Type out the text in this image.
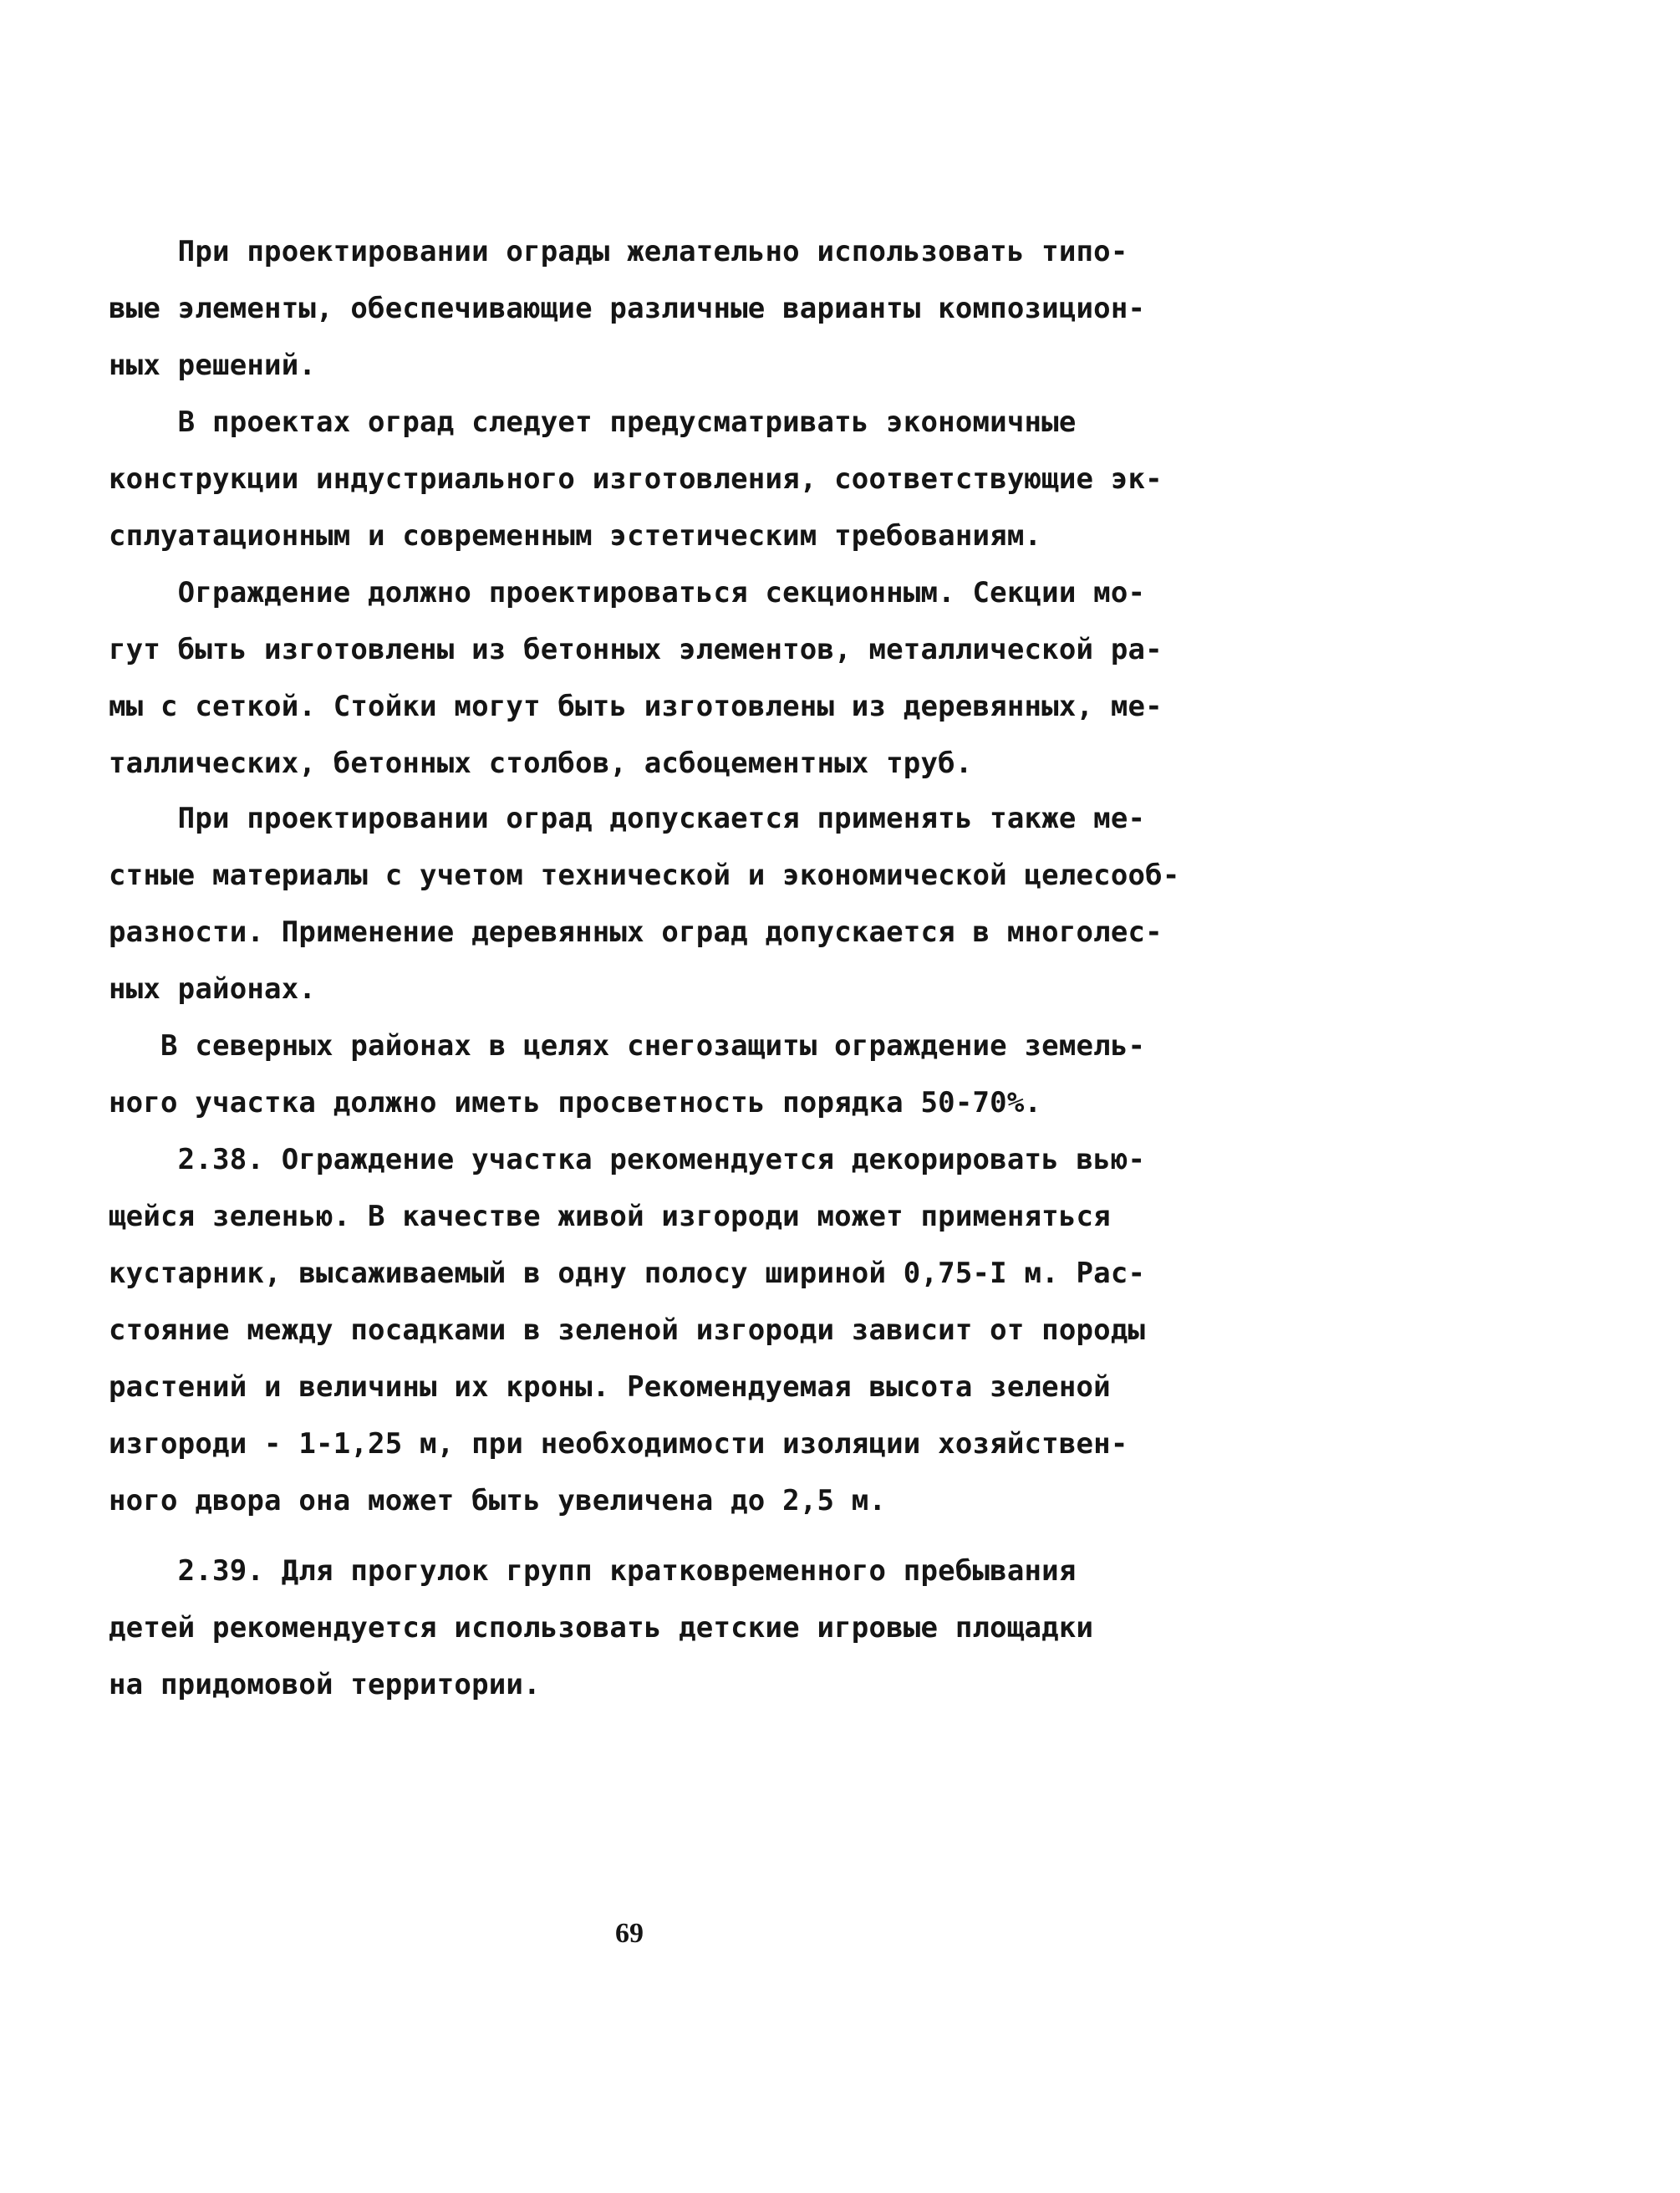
При проектировании ограды желательно использовать типо-
вые элементы, обеспечивающие различные варианты композицион-
ных решений.
В проектах оград следует предусматривать экономичные
конструкции индустриального изготовления, соответствующие эк-
сплуатационным и современным эстетическим требованиям.
Ограждение должно проектироваться секционным. Секции мо-
гут быть изготовлены из бетонных элементов, металлической ра-
мы с сеткой. Стойки могут быть изготовлены из деревянных, ме-
таллических, бетонных столбов, асбоцементных труб.
При проектировании оград допускается применять также ме-
стные материалы с учетом технической и экономической целесооб-
разности. Применение деревянных оград допускается в многолес-
ных районах.
В северных районах в целях снегозащиты ограждение земель-
ного участка должно иметь просветность порядка 50-70%.
2.38. Ограждение участка рекомендуется декорировать вью-
щейся зеленью. В качестве живой изгороди может применяться
кустарник, высаживаемый в одну полосу шириной 0,75-I м. Рас-
стояние между посадками в зеленой изгороди зависит от породы
растений и величины их кроны. Рекомендуемая высота зеленой
изгороди - 1-1,25 м, при необходимости изоляции хозяйствен-
ного двора она может быть увеличена до 2,5 м.
2.39. Для прогулок групп кратковременного пребывания
детей рекомендуется использовать детские игровые площадки
на придомовой территории.
69
